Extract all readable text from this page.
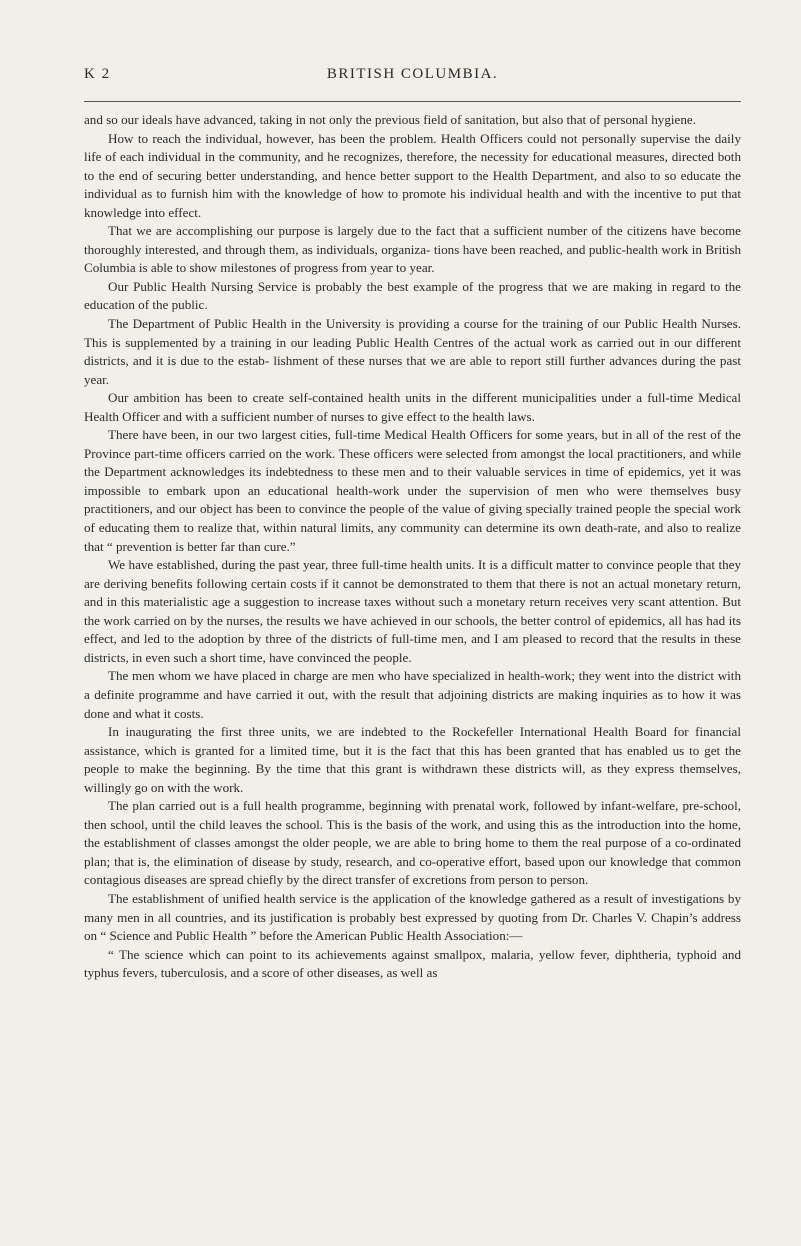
K 2	BRITISH COLUMBIA.

and so our ideals have advanced, taking in not only the previous field of sanitation, but also that of personal hygiene.

How to reach the individual, however, has been the problem. Health Officers could not personally supervise the daily life of each individual in the community, and he recognizes, therefore, the necessity for educational measures, directed both to the end of securing better understanding, and hence better support to the Health Department, and also to so educate the individual as to furnish him with the knowledge of how to promote his individual health and with the incentive to put that knowledge into effect.

That we are accomplishing our purpose is largely due to the fact that a sufficient number of the citizens have become thoroughly interested, and through them, as individuals, organiza- tions have been reached, and public-health work in British Columbia is able to show milestones of progress from year to year.

Our Public Health Nursing Service is probably the best example of the progress that we are making in regard to the education of the public.

The Department of Public Health in the University is providing a course for the training of our Public Health Nurses. This is supplemented by a training in our leading Public Health Centres of the actual work as carried out in our different districts, and it is due to the estab- lishment of these nurses that we are able to report still further advances during the past year.

Our ambition has been to create self-contained health units in the different municipalities under a full-time Medical Health Officer and with a sufficient number of nurses to give effect to the health laws.

There have been, in our two largest cities, full-time Medical Health Officers for some years, but in all of the rest of the Province part-time officers carried on the work. These officers were selected from amongst the local practitioners, and while the Department acknowledges its indebtedness to these men and to their valuable services in time of epidemics, yet it was impossible to embark upon an educational health-work under the supervision of men who were themselves busy practitioners, and our object has been to convince the people of the value of giving specially trained people the special work of educating them to realize that, within natural limits, any community can determine its own death-rate, and also to realize that “ prevention is better far than cure.”

We have established, during the past year, three full-time health units. It is a difficult matter to convince people that they are deriving benefits following certain costs if it cannot be demonstrated to them that there is not an actual monetary return, and in this materialistic age a suggestion to increase taxes without such a monetary return receives very scant attention. But the work carried on by the nurses, the results we have achieved in our schools, the better control of epidemics, all has had its effect, and led to the adoption by three of the districts of full-time men, and I am pleased to record that the results in these districts, in even such a short time, have convinced the people.

The men whom we have placed in charge are men who have specialized in health-work; they went into the district with a definite programme and have carried it out, with the result that adjoining districts are making inquiries as to how it was done and what it costs.

In inaugurating the first three units, we are indebted to the Rockefeller International Health Board for financial assistance, which is granted for a limited time, but it is the fact that this has been granted that has enabled us to get the people to make the beginning. By the time that this grant is withdrawn these districts will, as they express themselves, willingly go on with the work.

The plan carried out is a full health programme, beginning with prenatal work, followed by infant-welfare, pre-school, then school, until the child leaves the school. This is the basis of the work, and using this as the introduction into the home, the establishment of classes amongst the older people, we are able to bring home to them the real purpose of a co-ordinated plan; that is, the elimination of disease by study, research, and co-operative effort, based upon our knowledge that common contagious diseases are spread chiefly by the direct transfer of excretions from person to person.

The establishment of unified health service is the application of the knowledge gathered as a result of investigations by many men in all countries, and its justification is probably best expressed by quoting from Dr. Charles V. Chapin’s address on “ Science and Public Health ” before the American Public Health Association:—

“ The science which can point to its achievements against smallpox, malaria, yellow fever, diphtheria, typhoid and typhus fevers, tuberculosis, and a score of other diseases, as well as
